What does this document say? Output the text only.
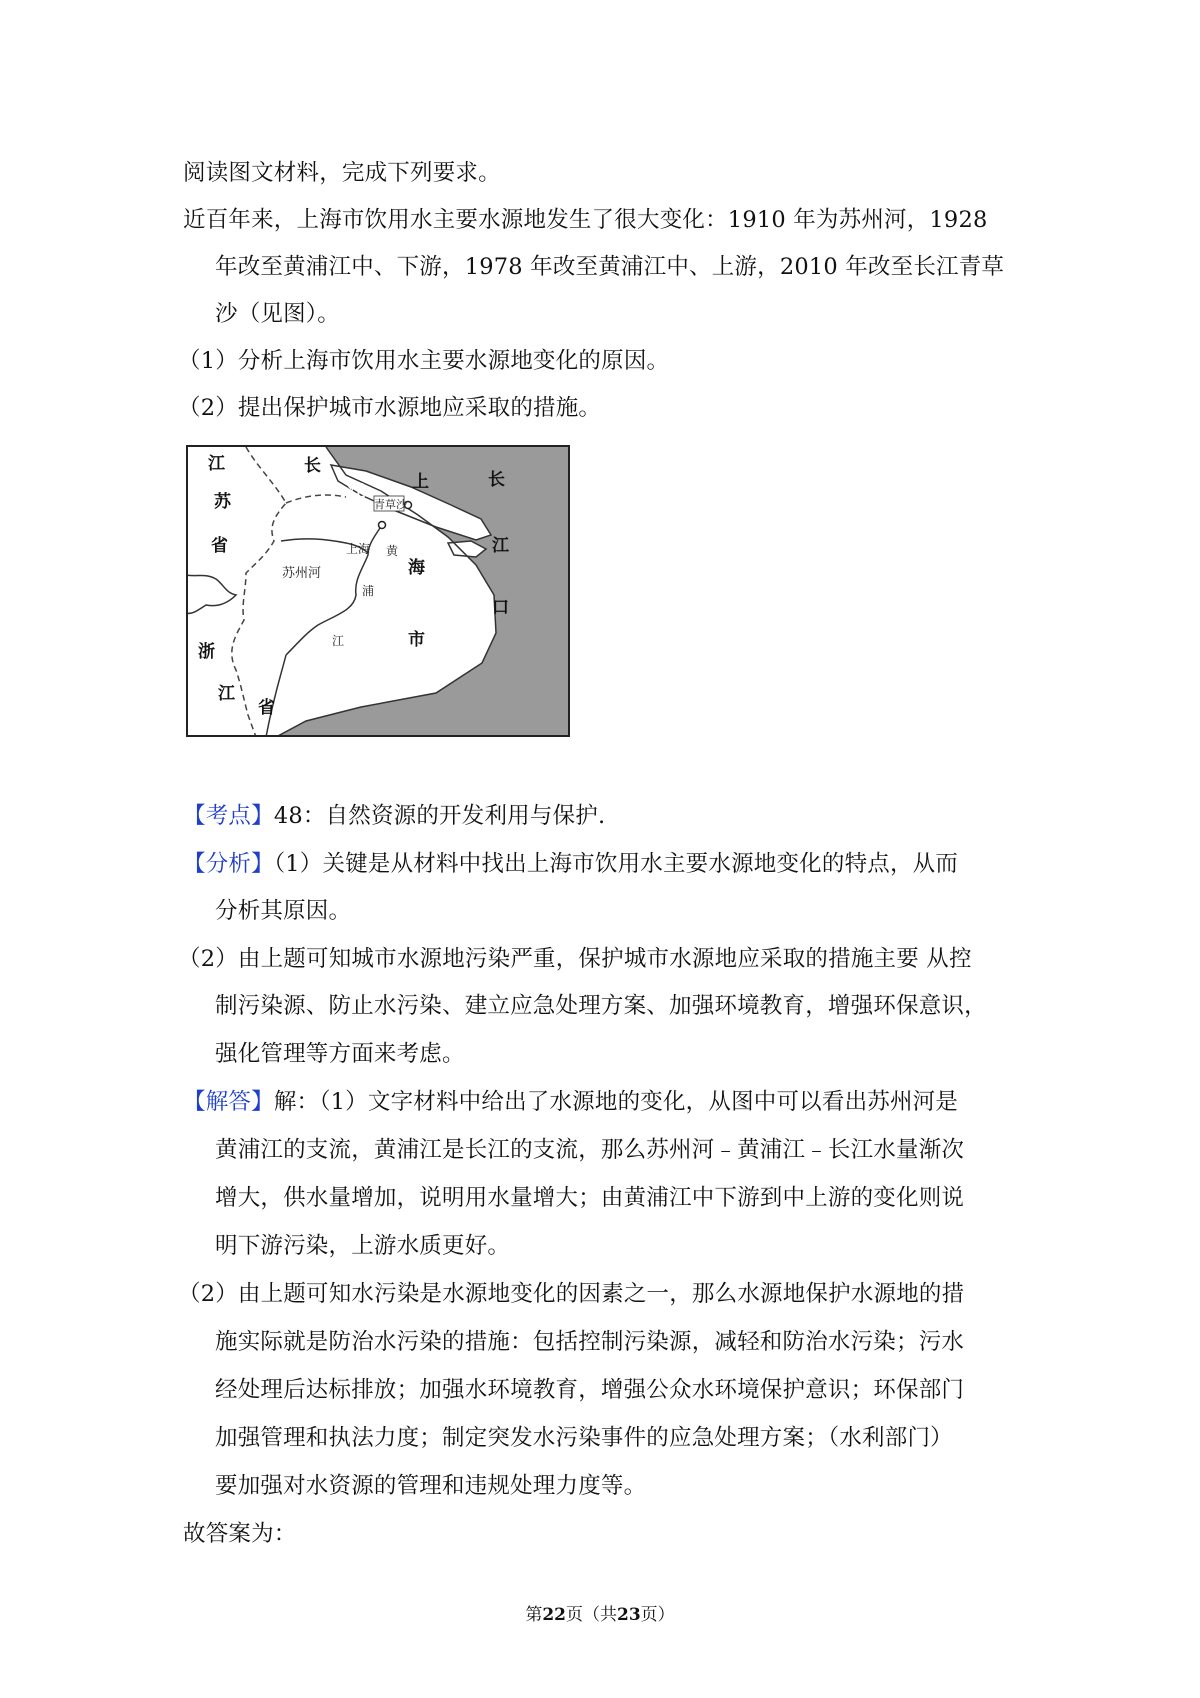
阅读图文材料，完成下列要求。
近百年来，上海市饮用水主要水源地发生了很大变化：1910 年为苏州河，1928
年改至黄浦江中、下游，1978 年改至黄浦江中、上游，2010 年改至长江青草
沙（见图）。
（1）分析上海市饮用水主要水源地变化的原因。
（2）提出保护城市水源地应采取的措施。
江
苏
省
长
江	上	长
江
口
海
市
浙
江
省
青草沙
上海 黄
浦
江
苏州河
【考点】48：自然资源的开发利用与保护.
【分析】（1）关键是从材料中找出上海市饮用水主要水源地变化的特点，从而
分析其原因。
（2）由上题可知城市水源地污染严重，保护城市水源地应采取的措施主要 从控
制污染源、防止水污染、建立应急处理方案、加强环境教育，增强环保意识，
强化管理等方面来考虑。
【解答】解：（1）文字材料中给出了水源地的变化，从图中可以看出苏州河是
黄浦江的支流，黄浦江是长江的支流，那么苏州河﹣黄浦江﹣长江水量渐次
增大，供水量增加，说明用水量增大；由黄浦江中下游到中上游的变化则说
明下游污染，上游水质更好。
（2）由上题可知水污染是水源地变化的因素之一，那么水源地保护水源地的措
施实际就是防治水污染的措施：包括控制污染源，减轻和防治水污染；污水
经处理后达标排放；加强水环境教育，增强公众水环境保护意识；环保部门
加强管理和执法力度；制定突发水污染事件的应急处理方案；（水利部门）
要加强对水资源的管理和违规处理力度等。
故答案为：
第22页（共23页）
